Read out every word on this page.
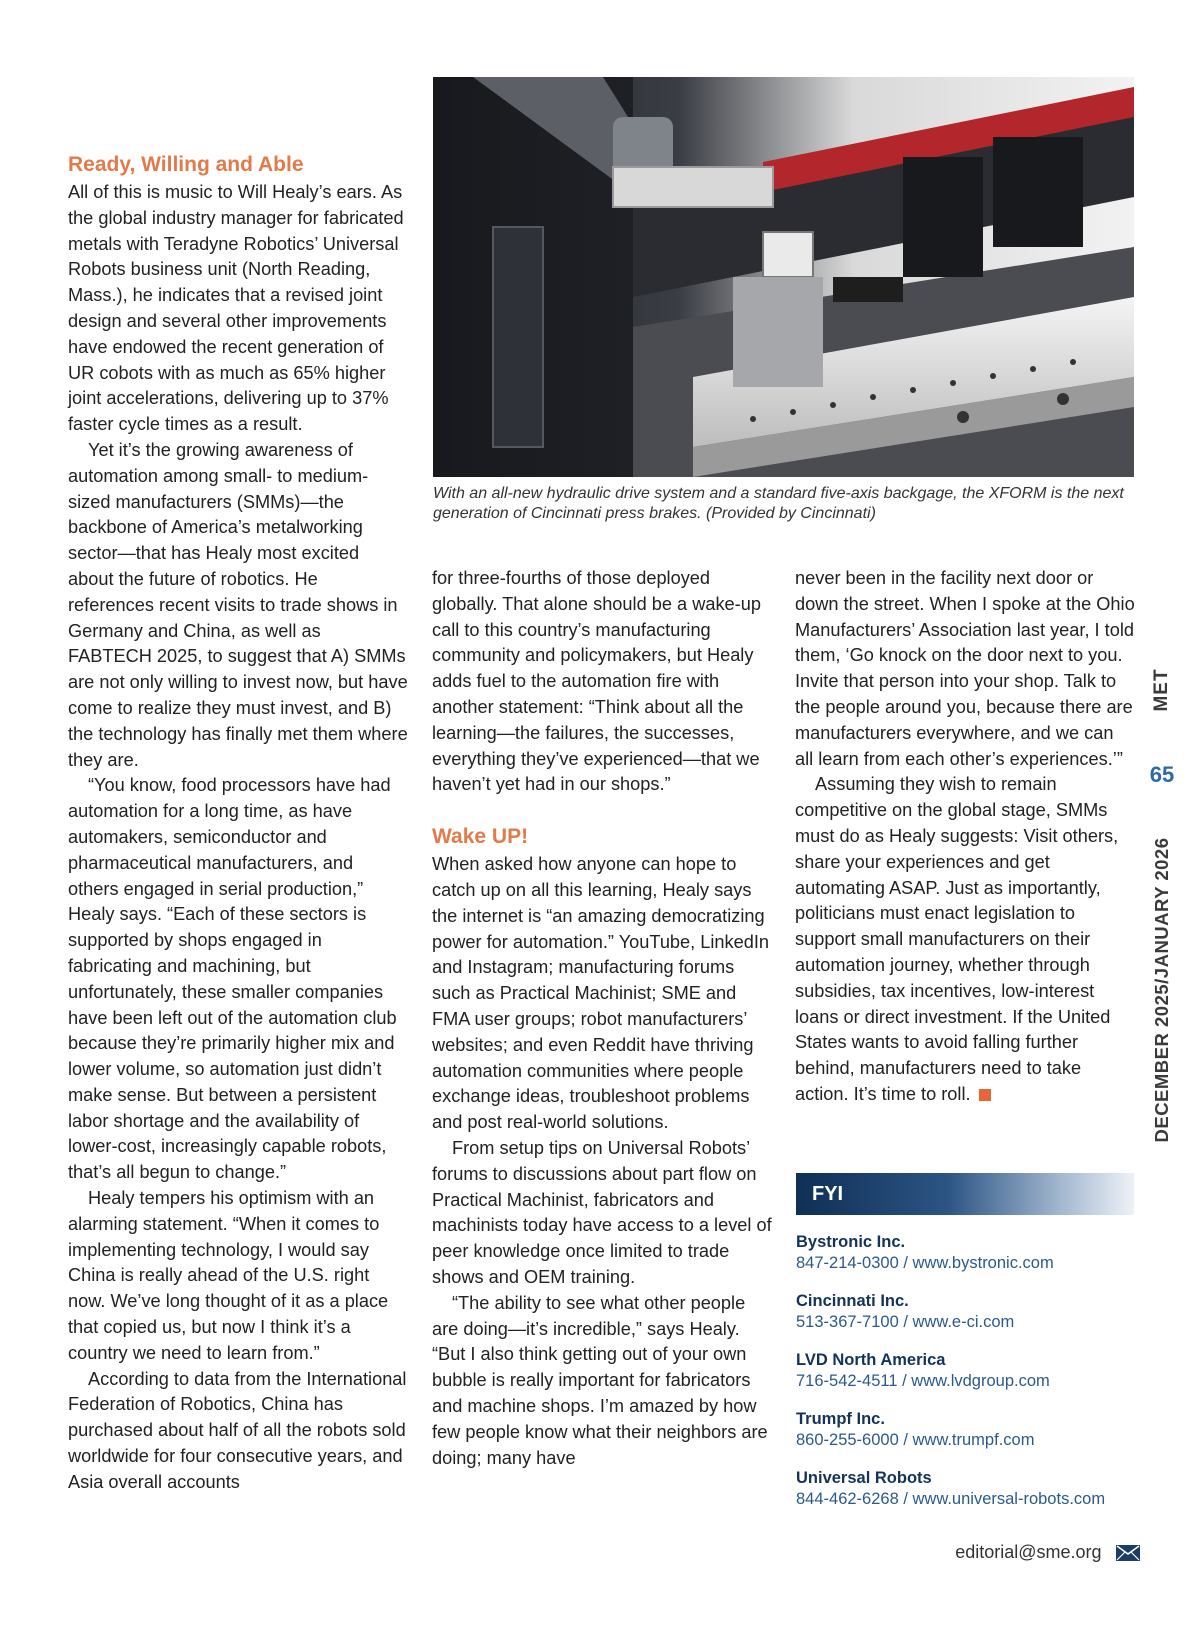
Ready, Willing and Able

All of this is music to Will Healy’s ears. As the global industry manager for fabricated metals with Teradyne Robotics’ Universal Robots business unit (North Reading, Mass.), he indicates that a revised joint design and several other improvements have endowed the recent generation of UR cobots with as much as 65% higher joint accelerations, delivering up to 37% faster cycle times as a result.

Yet it’s the growing awareness of automation among small- to medium-sized manufacturers (SMMs)—the backbone of America’s metalworking sector—that has Healy most excited about the future of robotics. He references recent visits to trade shows in Germany and China, as well as FABTECH 2025, to suggest that A) SMMs are not only willing to invest now, but have come to realize they must invest, and B) the technology has finally met them where they are.

“You know, food processors have had automation for a long time, as have automakers, semiconductor and pharmaceutical manufacturers, and others engaged in serial production,” Healy says. “Each of these sectors is supported by shops engaged in fabricating and machining, but unfortunately, these smaller companies have been left out of the automation club because they’re primarily higher mix and lower volume, so automation just didn’t make sense. But between a persistent labor shortage and the availability of lower-cost, increasingly capable robots, that’s all begun to change.”

Healy tempers his optimism with an alarming statement. “When it comes to implementing technology, I would say China is really ahead of the U.S. right now. We’ve long thought of it as a place that copied us, but now I think it’s a country we need to learn from.”

According to data from the International Federation of Robotics, China has purchased about half of all the robots sold worldwide for four consecutive years, and Asia overall accounts

With an all-new hydraulic drive system and a standard five-axis backgage, the XFORM is the next generation of Cincinnati press brakes. (Provided by Cincinnati)

for three-fourths of those deployed globally. That alone should be a wake-up call to this country’s manufacturing community and policymakers, but Healy adds fuel to the automation fire with another statement: “Think about all the learning—the failures, the successes, everything they’ve experienced—that we haven’t yet had in our shops.”

Wake UP!

When asked how anyone can hope to catch up on all this learning, Healy says the internet is “an amazing democratizing power for automation.” YouTube, LinkedIn and Instagram; manufacturing forums such as Practical Machinist; SME and FMA user groups; robot manufacturers’ websites; and even Reddit have thriving automation communities where people exchange ideas, troubleshoot problems and post real-world solutions.

From setup tips on Universal Robots’ forums to discussions about part flow on Practical Machinist, fabricators and machinists today have access to a level of peer knowledge once limited to trade shows and OEM training.

“The ability to see what other people are doing—it’s incredible,” says Healy. “But I also think getting out of your own bubble is really important for fabricators and machine shops. I’m amazed by how few people know what their neighbors are doing; many have

never been in the facility next door or down the street. When I spoke at the Ohio Manufacturers’ Association last year, I told them, ‘Go knock on the door next to you. Invite that person into your shop. Talk to the people around you, because there are manufacturers everywhere, and we can all learn from each other’s experiences.’”

Assuming they wish to remain competitive on the global stage, SMMs must do as Healy suggests: Visit others, share your experiences and get automating ASAP. Just as importantly, politicians must enact legislation to support small manufacturers on their automation journey, whether through subsidies, tax incentives, low-interest loans or direct investment. If the United States wants to avoid falling further behind, manufacturers need to take action. It’s time to roll.

FYI
Bystronic Inc.
847-214-0300 / www.bystronic.com
Cincinnati Inc.
513-367-7100 / www.e-ci.com
LVD North America
716-542-4511 / www.lvdgroup.com
Trumpf Inc.
860-255-6000 / www.trumpf.com
Universal Robots
844-462-6268 / www.universal-robots.com
MET
65
DECEMBER 2025/JANUARY 2026
editorial@sme.org
